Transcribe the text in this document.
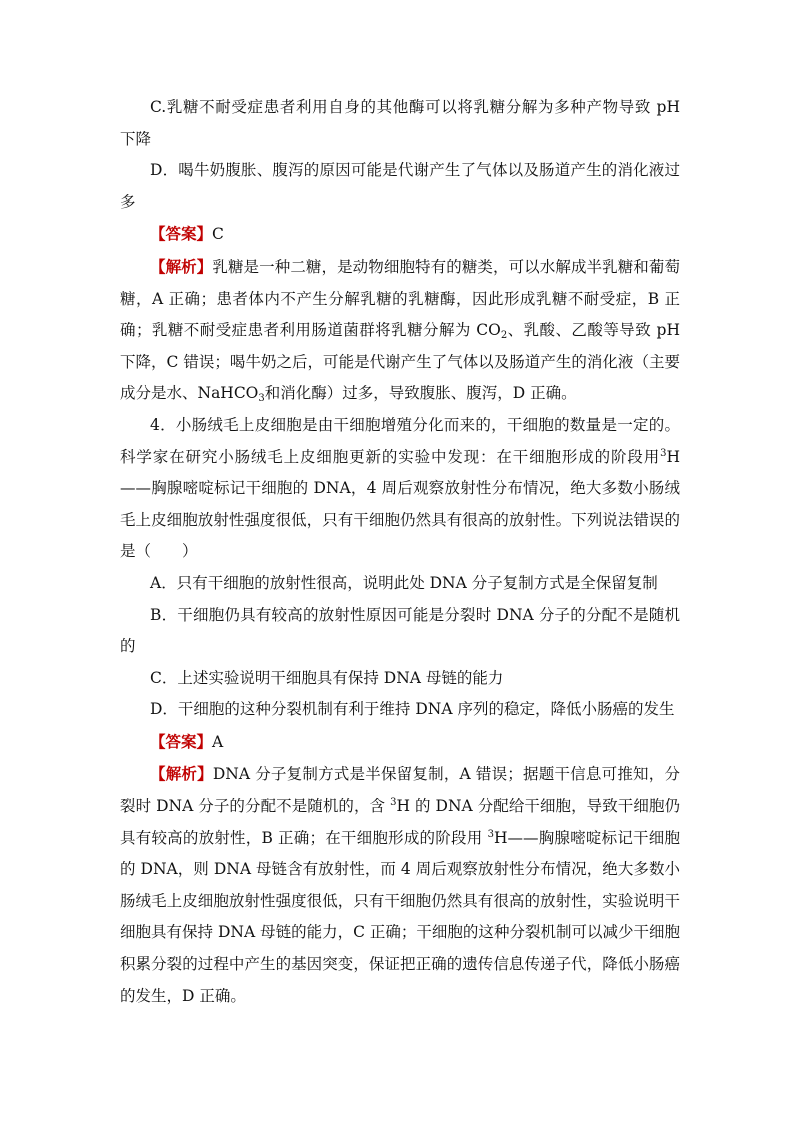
C.乳糖不耐受症患者利用自身的其他酶可以将乳糖分解为多种产物导致 pH 下降

D．喝牛奶腹胀、腹泻的原因可能是代谢产生了气体以及肠道产生的消化液过多

【答案】C

【解析】乳糖是一种二糖，是动物细胞特有的糖类，可以水解成半乳糖和葡萄糖，A 正确；患者体内不产生分解乳糖的乳糖酶，因此形成乳糖不耐受症，B 正确；乳糖不耐受症患者利用肠道菌群将乳糖分解为 $CO_2$、乳酸、乙酸等导致 pH 下降，C 错误；喝牛奶之后，可能是代谢产生了气体以及肠道产生的消化液（主要成分是水、NaHCO$_3$和消化酶）过多，导致腹胀、腹泻，D 正确。

4．小肠绒毛上皮细胞是由干细胞增殖分化而来的，干细胞的数量是一定的。科学家在研究小肠绒毛上皮细胞更新的实验中发现：在干细胞形成的阶段用$^3$H——胸腺嘧啶标记干细胞的 DNA，4 周后观察放射性分布情况，绝大多数小肠绒毛上皮细胞放射性强度很低，只有干细胞仍然具有很高的放射性。下列说法错误的是（　　）

A．只有干细胞的放射性很高，说明此处 DNA 分子复制方式是全保留复制

B．干细胞仍具有较高的放射性原因可能是分裂时 DNA 分子的分配不是随机的

C．上述实验说明干细胞具有保持 DNA 母链的能力

D．干细胞的这种分裂机制有利于维持 DNA 序列的稳定，降低小肠癌的发生

【答案】A

【解析】DNA 分子复制方式是半保留复制，A 错误；据题干信息可推知，分裂时 DNA 分子的分配不是随机的，含 $^3$H 的 DNA 分配给干细胞，导致干细胞仍具有较高的放射性，B 正确；在干细胞形成的阶段用 $^3$H——胸腺嘧啶标记干细胞的 DNA，则 DNA 母链含有放射性，而 4 周后观察放射性分布情况，绝大多数小肠绒毛上皮细胞放射性强度很低，只有干细胞仍然具有很高的放射性，实验说明干细胞具有保持 DNA 母链的能力，C 正确；干细胞的这种分裂机制可以减少干细胞积累分裂的过程中产生的基因突变，保证把正确的遗传信息传递子代，降低小肠癌的发生，D 正确。
